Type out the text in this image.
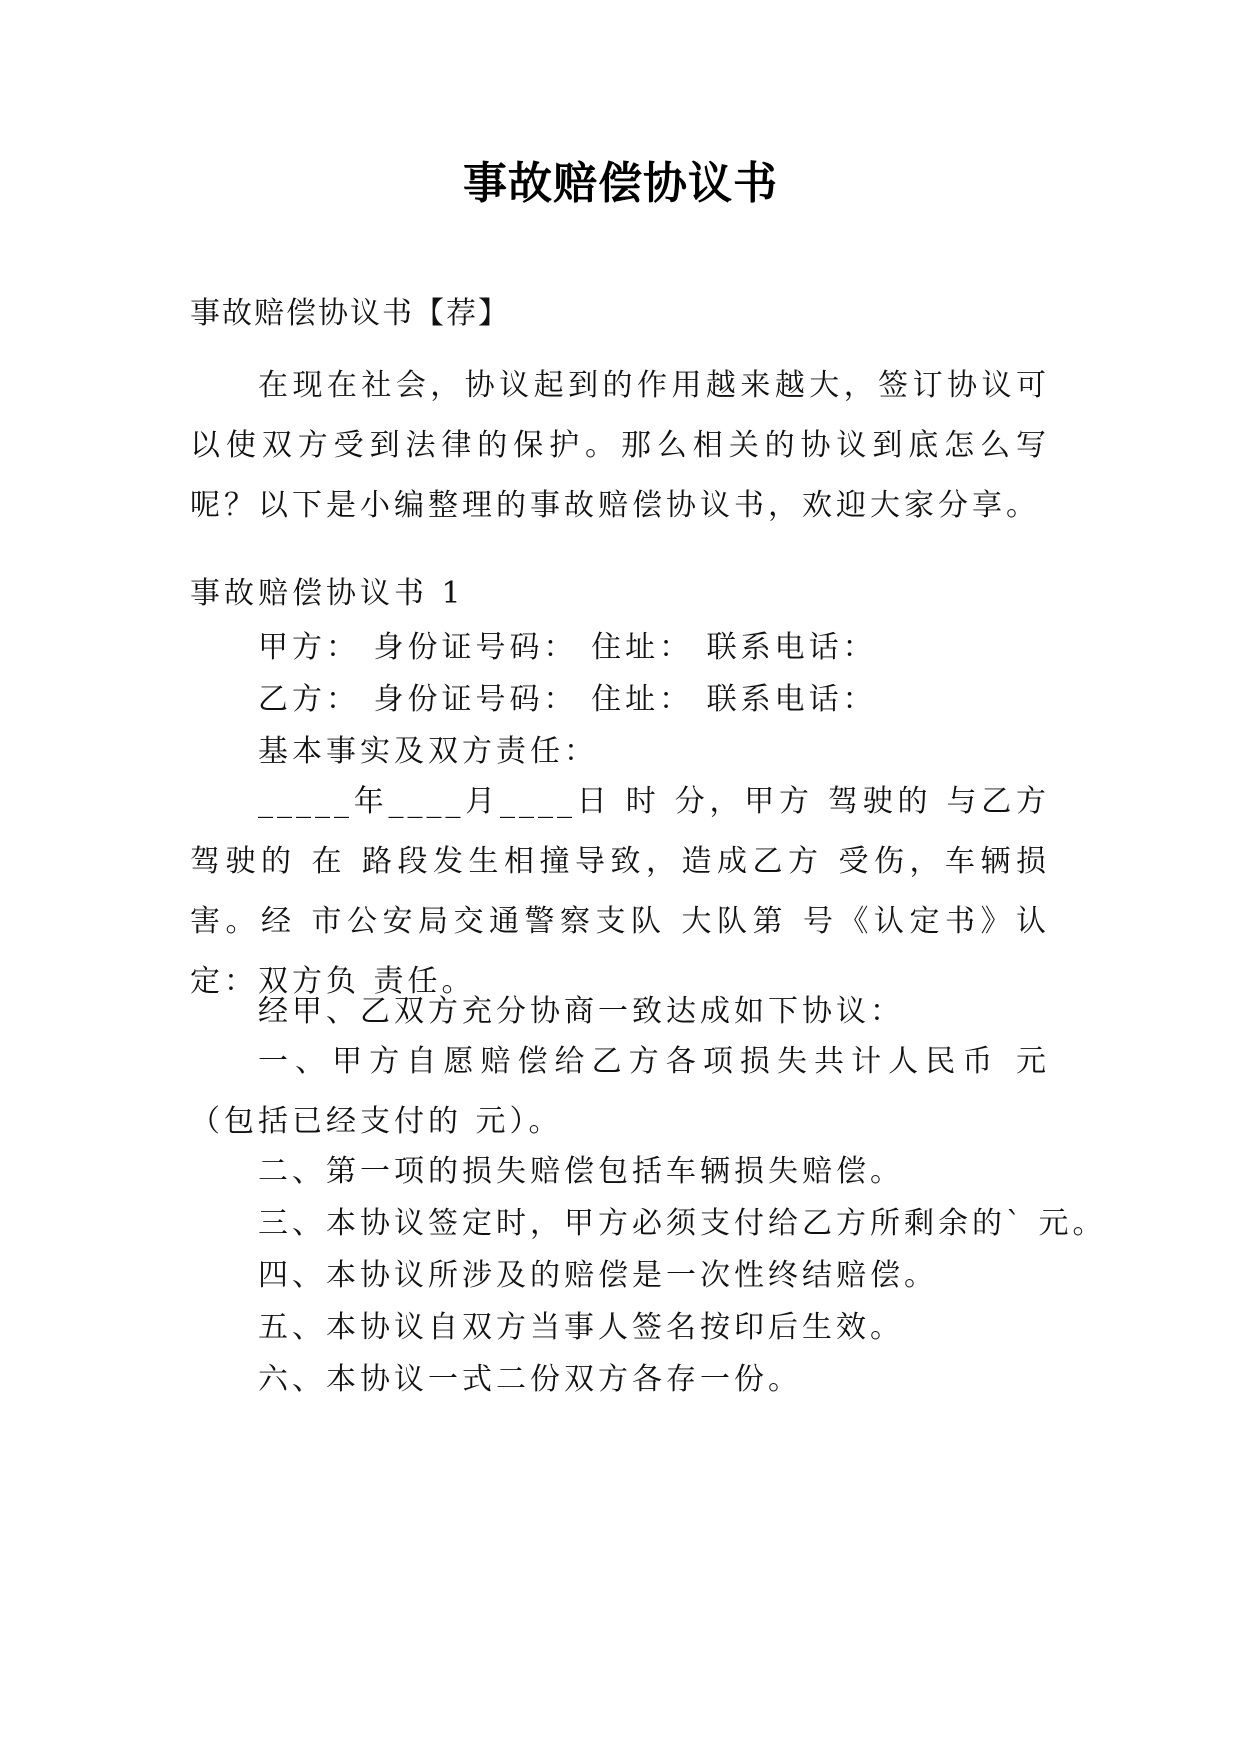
事故赔偿协议书
事故赔偿协议书【荐】
在现在社会，协议起到的作用越来越大，签订协议可以使双方受到法律的保护。那么相关的协议到底怎么写呢？以下是小编整理的事故赔偿协议书，欢迎大家分享。
事故赔偿协议书 1
甲方： 身份证号码： 住址： 联系电话：
乙方： 身份证号码： 住址： 联系电话：
基本事实及双方责任：
_____年____月____日 时 分，甲方 驾驶的 与乙方 驾驶的 在 路段发生相撞导致，造成乙方 受伤，车辆损害。经 市公安局交通警察支队 大队第 号《认定书》认定：双方负 责任。
经甲、乙双方充分协商一致达成如下协议：
一、甲方自愿赔偿给乙方各项损失共计人民币 元（包括已经支付的 元）。
二、第一项的损失赔偿包括车辆损失赔偿。
三、本协议签定时，甲方必须支付给乙方所剩余的` 元。
四、本协议所涉及的赔偿是一次性终结赔偿。
五、本协议自双方当事人签名按印后生效。
六、本协议一式二份双方各存一份。
